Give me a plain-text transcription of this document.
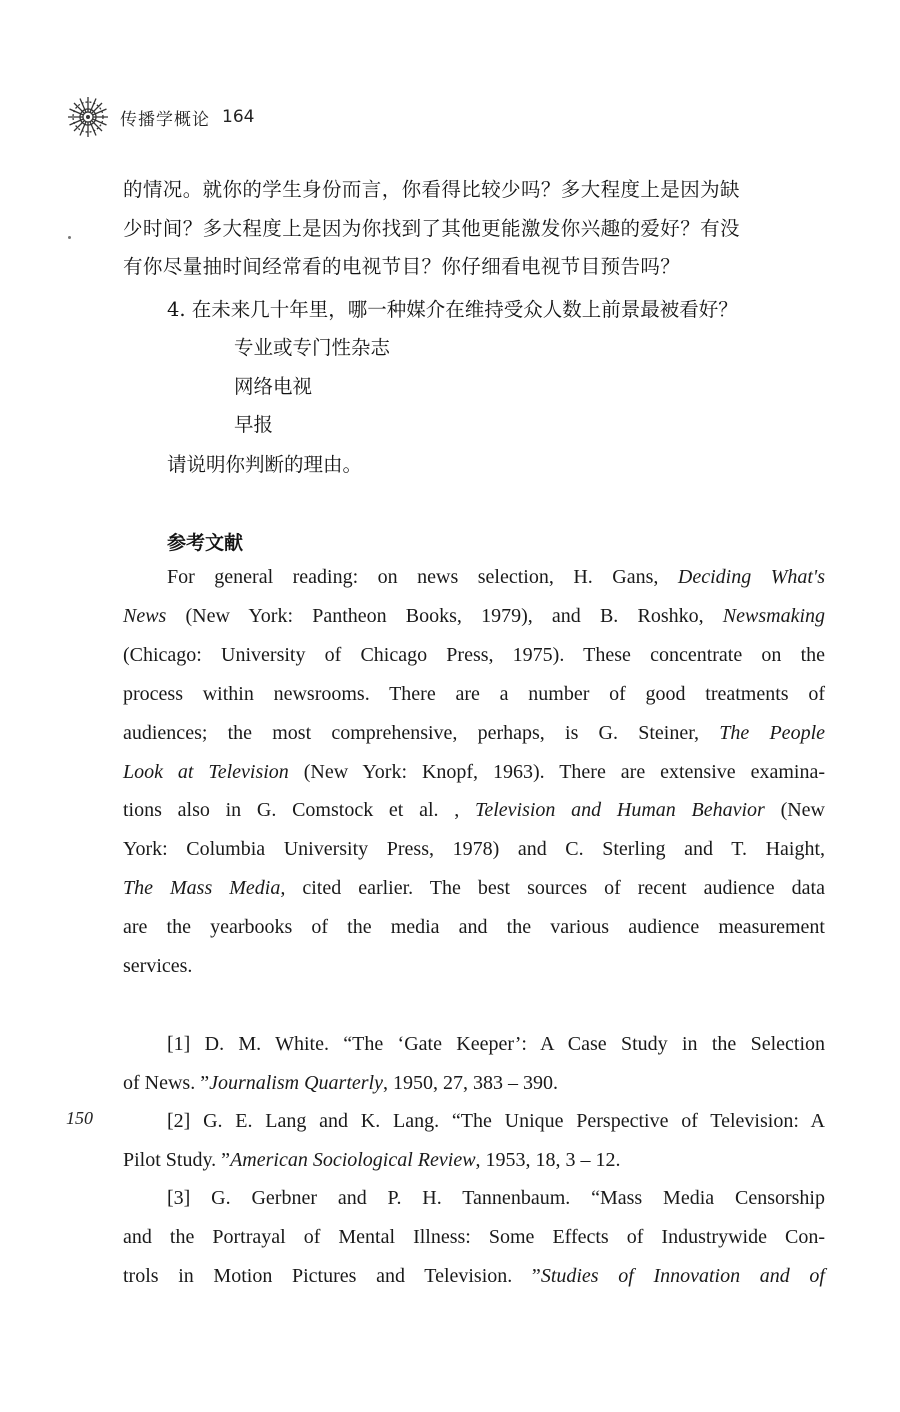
传播学概论 164

的情况。就你的学生身份而言，你看得比较少吗？多大程度上是因为缺

少时间？多大程度上是因为你找到了其他更能激发你兴趣的爱好？有没

有你尽量抽时间经常看的电视节目？你仔细看电视节目预告吗？

4. 在未来几十年里，哪一种媒介在维持受众人数上前景最被看好？
专业或专门性杂志
网络电视
早报
请说明你判断的理由。
参考文献

For general reading: on news selection, H. Gans, Deciding What's

News (New York: Pantheon Books, 1979), and B. Roshko, Newsmaking

(Chicago: University of Chicago Press, 1975). These concentrate on the

process within newsrooms. There are a number of good treatments of

audiences; the most comprehensive, perhaps, is G. Steiner, The People

Look at Television (New York: Knopf, 1963). There are extensive examina-

tions also in G. Comstock et al. , Television and Human Behavior (New

York: Columbia University Press, 1978) and C. Sterling and T. Haight,

The Mass Media, cited earlier. The best sources of recent audience data

are the yearbooks of the media and the various audience measurement

services.

[1] D. M. White. “The ‘Gate Keeper’: A Case Study in the Selection

of News. ”Journalism Quarterly, 1950, 27, 383 – 390.

[2] G. E. Lang and K. Lang. “The Unique Perspective of Television: A

Pilot Study. ”American Sociological Review, 1953, 18, 3 – 12.

[3] G. Gerbner and P. H. Tannenbaum. “Mass Media Censorship

and the Portrayal of Mental Illness: Some Effects of Industrywide Con-

trols in Motion Pictures and Television. ”Studies of Innovation and of

150
